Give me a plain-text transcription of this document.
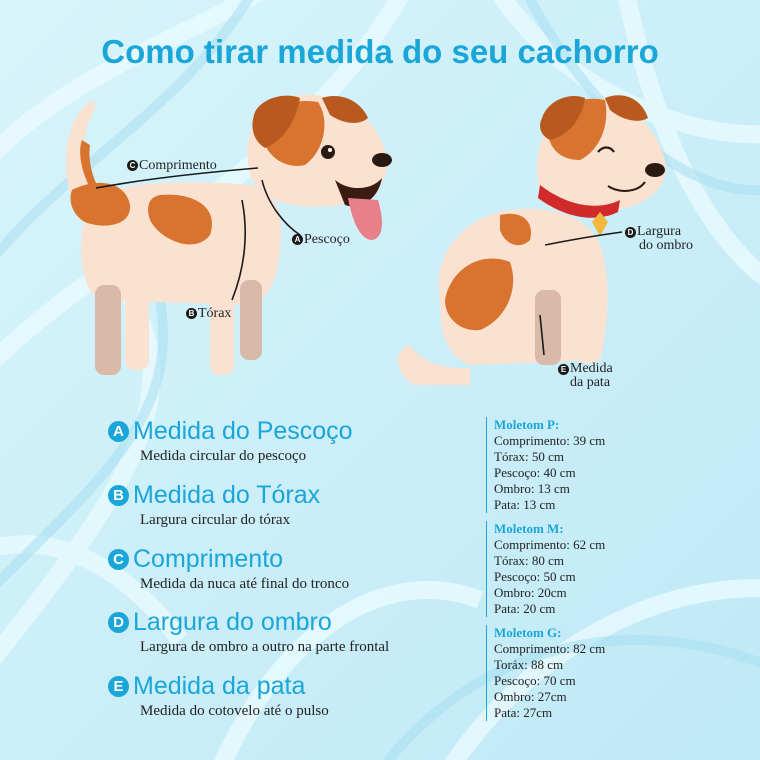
Como tirar medida do seu cachorro
C Comprimento
A Pescoço
B Tórax
D Largura
do ombro
E Medida
da pata
A Medida do Pescoço
Medida circular do pescoço
B Medida do Tórax
Largura circular do tórax
C Comprimento
Medida da nuca até final do tronco
D Largura do ombro
Largura de ombro a outro na parte frontal
E Medida da pata
Medida do cotovelo até o pulso
Moletom P:
Comprimento: 39 cm
Tórax: 50 cm
Pescoço: 40 cm
Ombro: 13 cm
Pata: 13 cm
Moletom M:
Comprimento: 62 cm
Tórax: 80 cm
Pescoço: 50 cm
Ombro: 20cm
Pata: 20 cm
Moletom G:
Comprimento: 82 cm
Toráx: 88 cm
Pescoço: 70 cm
Ombro: 27cm
Pata: 27cm
